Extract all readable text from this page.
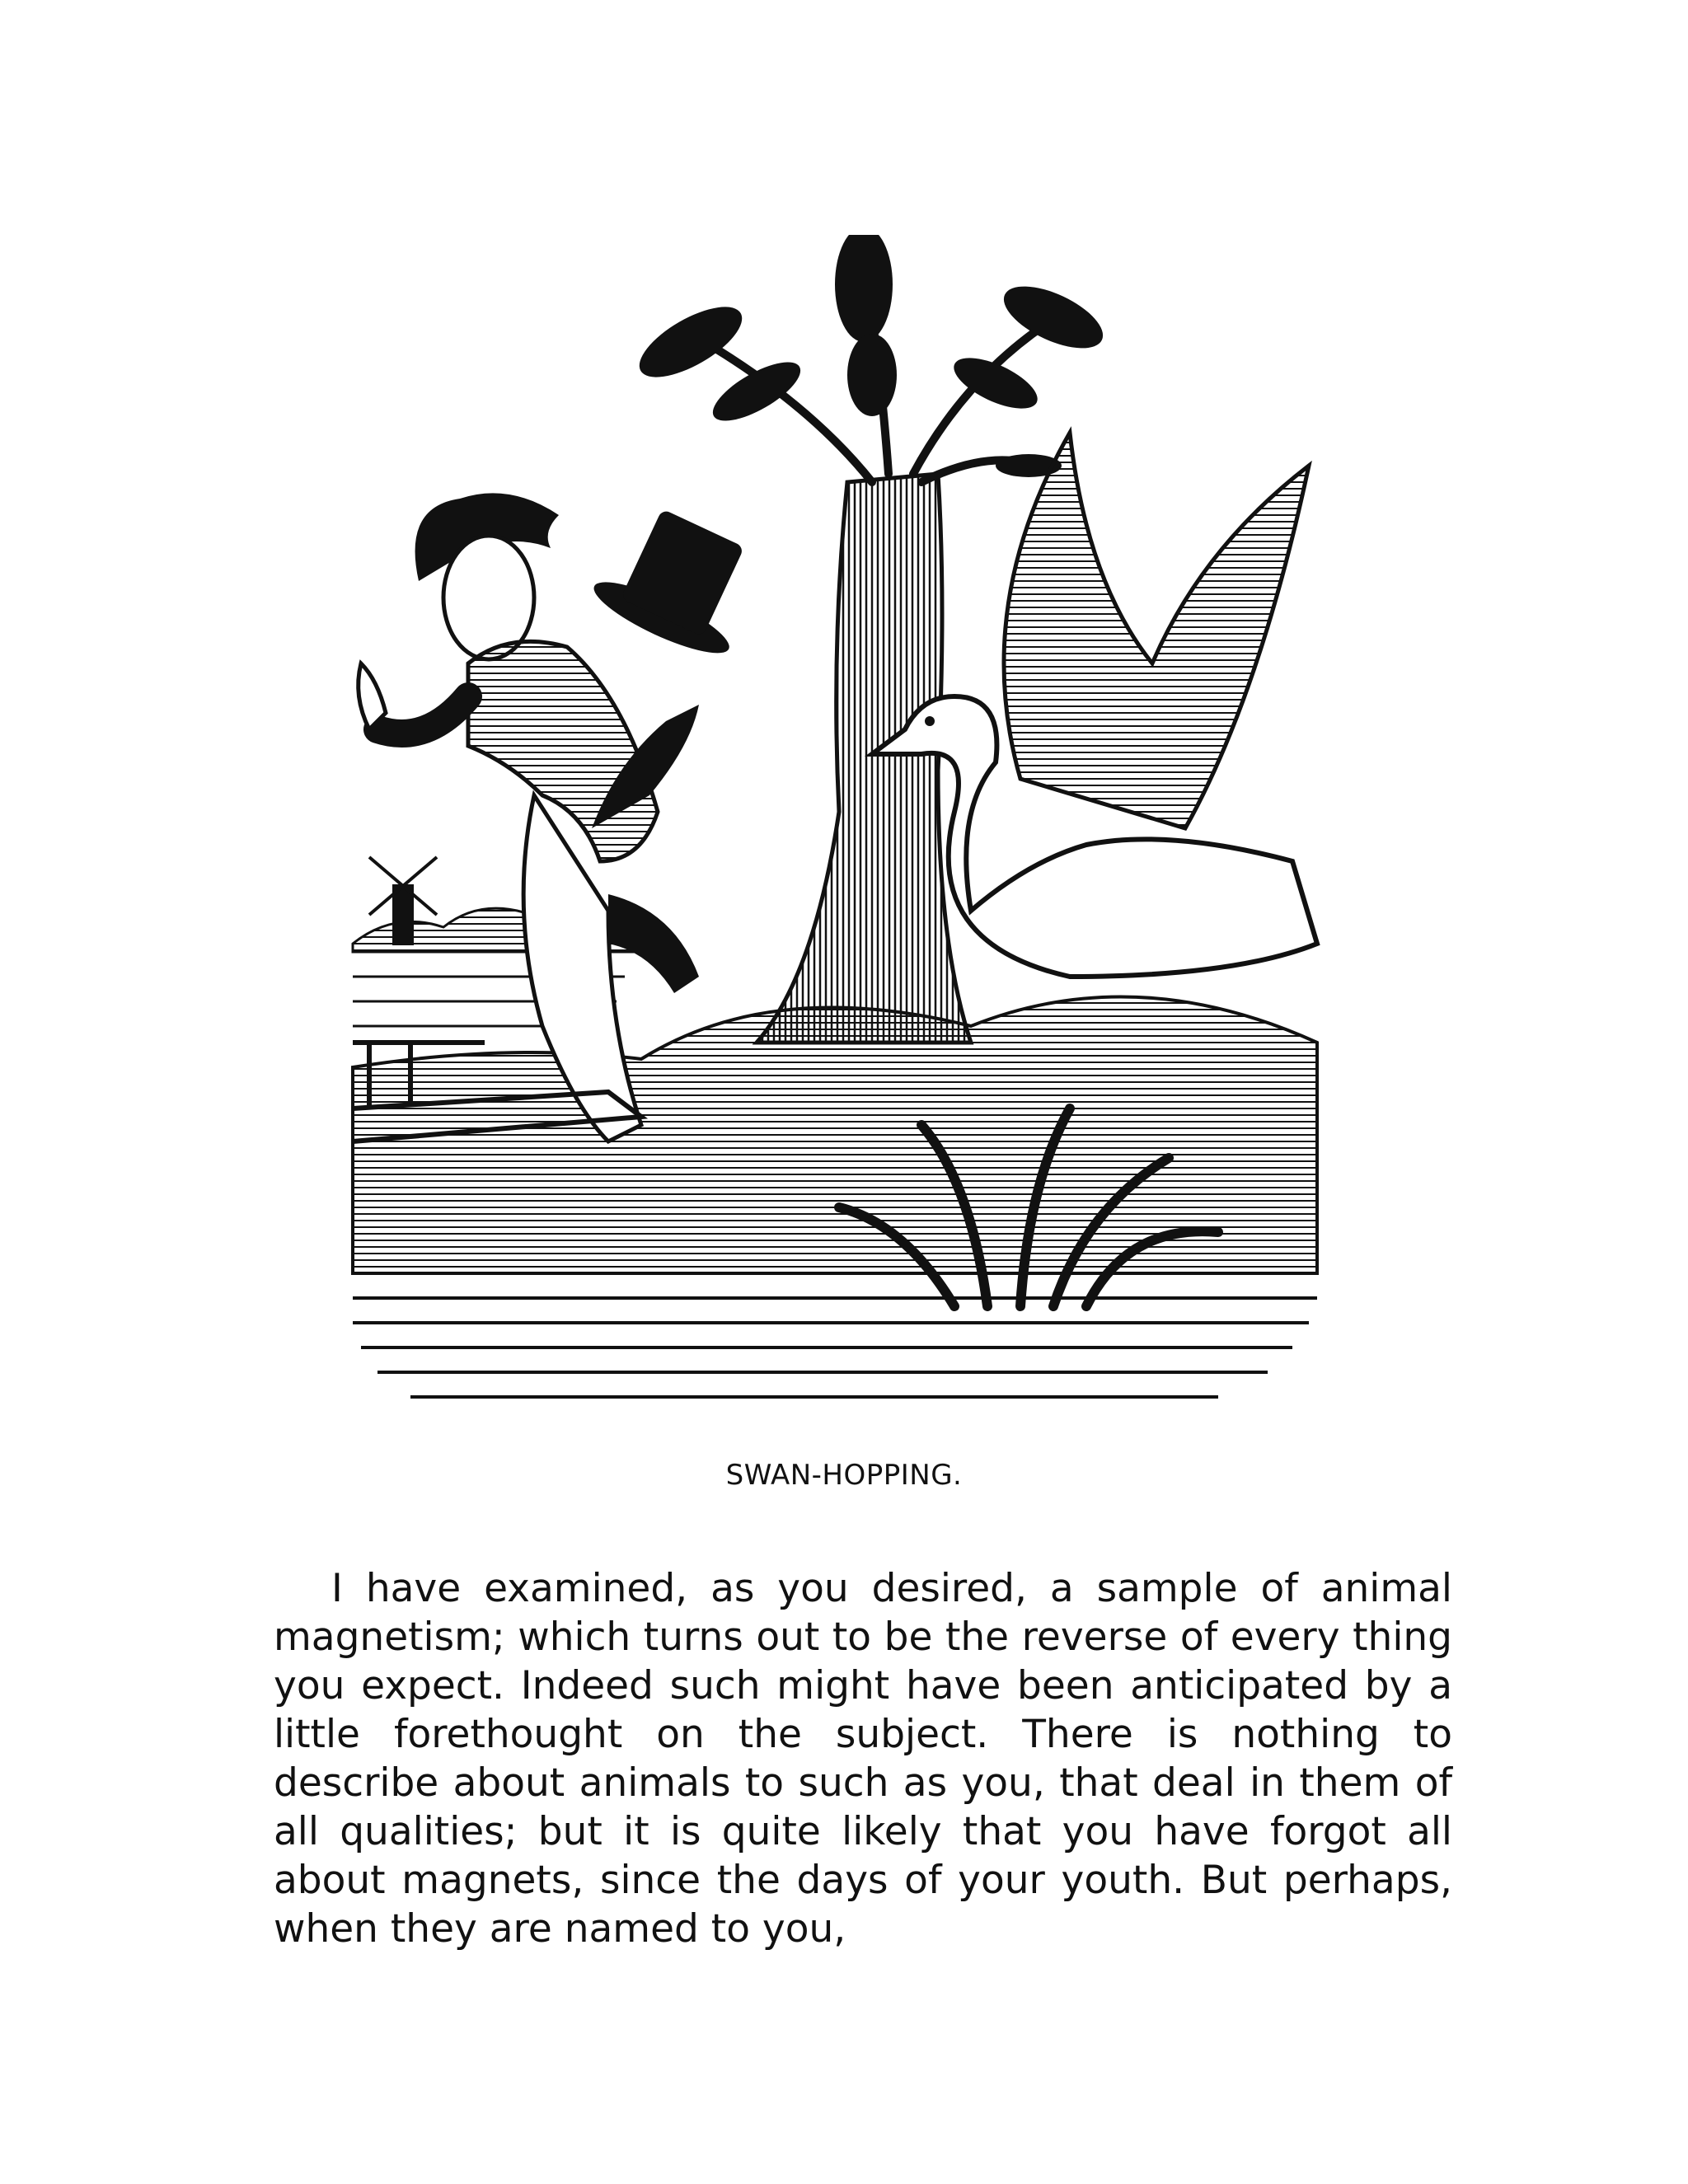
SWAN-HOPPING.

I have examined, as you desired, a sample of animal magnetism; which turns out to be the reverse of every thing you expect. Indeed such might have been anticipated by a little forethought on the subject. There is nothing to describe about animals to such as you, that deal in them of all qualities; but it is quite likely that you have forgot all about magnets, since the days of your youth. But perhaps, when they are named to you,
